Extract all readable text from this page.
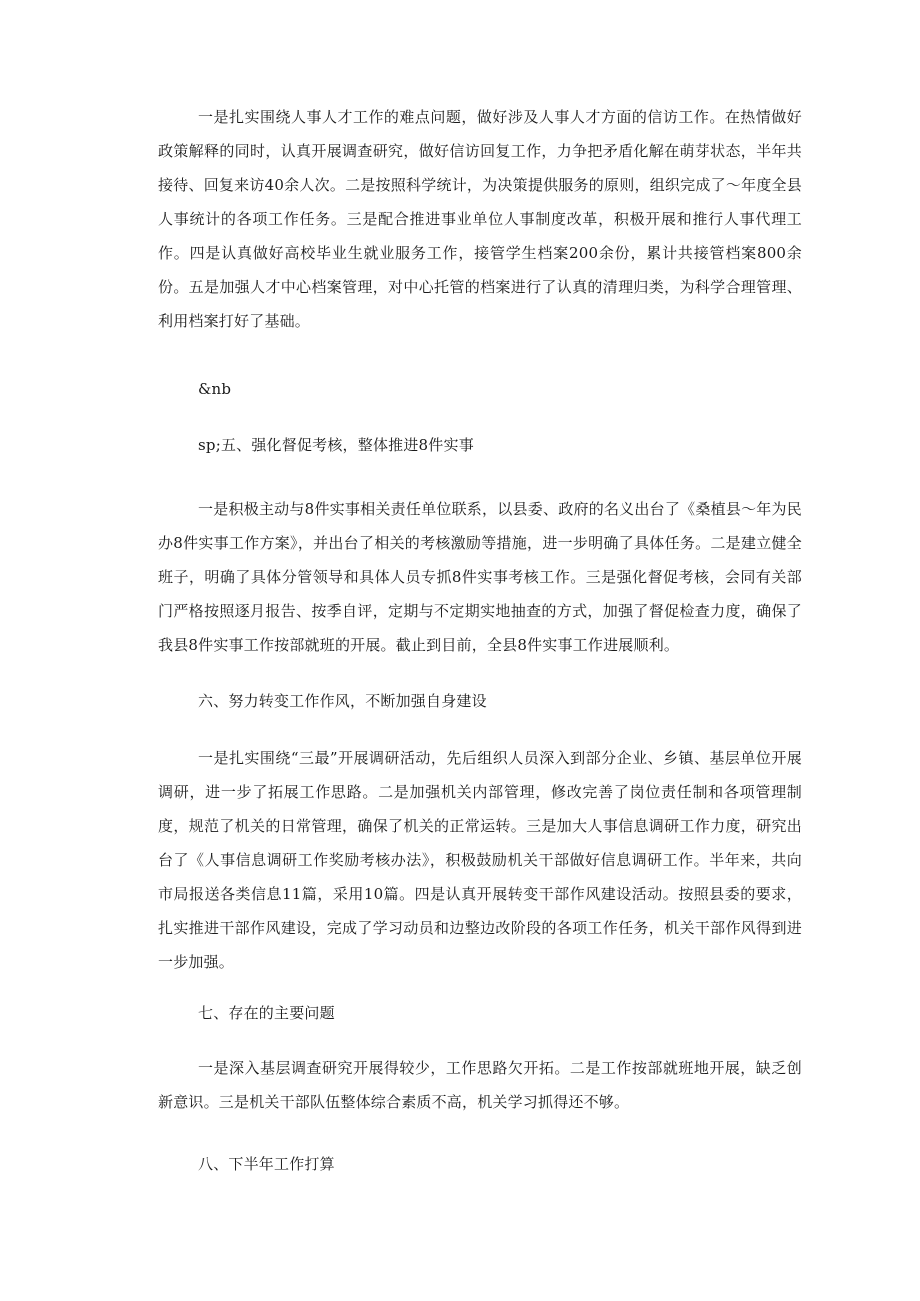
一是扎实围绕人事人才工作的难点问题，做好涉及人事人才方面的信访工作。在热情做好政策解释的同时，认真开展调查研究，做好信访回复工作，力争把矛盾化解在萌芽状态，半年共接待、回复来访40余人次。二是按照科学统计，为决策提供服务的原则，组织完成了～年度全县人事统计的各项工作任务。三是配合推进事业单位人事制度改革，积极开展和推行人事代理工作。四是认真做好高校毕业生就业服务工作，接管学生档案200余份，累计共接管档案800余份。五是加强人才中心档案管理，对中心托管的档案进行了认真的清理归类，为科学合理管理、利用档案打好了基础。

&nb

sp;五、强化督促考核，整体推进8件实事

一是积极主动与8件实事相关责任单位联系，以县委、政府的名义出台了《桑植县～年为民办8件实事工作方案》，并出台了相关的考核激励等措施，进一步明确了具体任务。二是建立健全班子，明确了具体分管领导和具体人员专抓8件实事考核工作。三是强化督促考核，会同有关部门严格按照逐月报告、按季自评，定期与不定期实地抽查的方式，加强了督促检查力度，确保了我县8件实事工作按部就班的开展。截止到目前，全县8件实事工作进展顺利。

六、努力转变工作作风，不断加强自身建设

一是扎实围绕“三最”开展调研活动，先后组织人员深入到部分企业、乡镇、基层单位开展调研，进一步了拓展工作思路。二是加强机关内部管理，修改完善了岗位责任制和各项管理制度，规范了机关的日常管理，确保了机关的正常运转。三是加大人事信息调研工作力度，研究出台了《人事信息调研工作奖励考核办法》，积极鼓励机关干部做好信息调研工作。半年来，共向市局报送各类信息11篇，采用10篇。四是认真开展转变干部作风建设活动。按照县委的要求，扎实推进干部作风建设，完成了学习动员和边整边改阶段的各项工作任务，机关干部作风得到进一步加强。

七、存在的主要问题

一是深入基层调查研究开展得较少，工作思路欠开拓。二是工作按部就班地开展，缺乏创新意识。三是机关干部队伍整体综合素质不高，机关学习抓得还不够。

八、下半年工作打算
